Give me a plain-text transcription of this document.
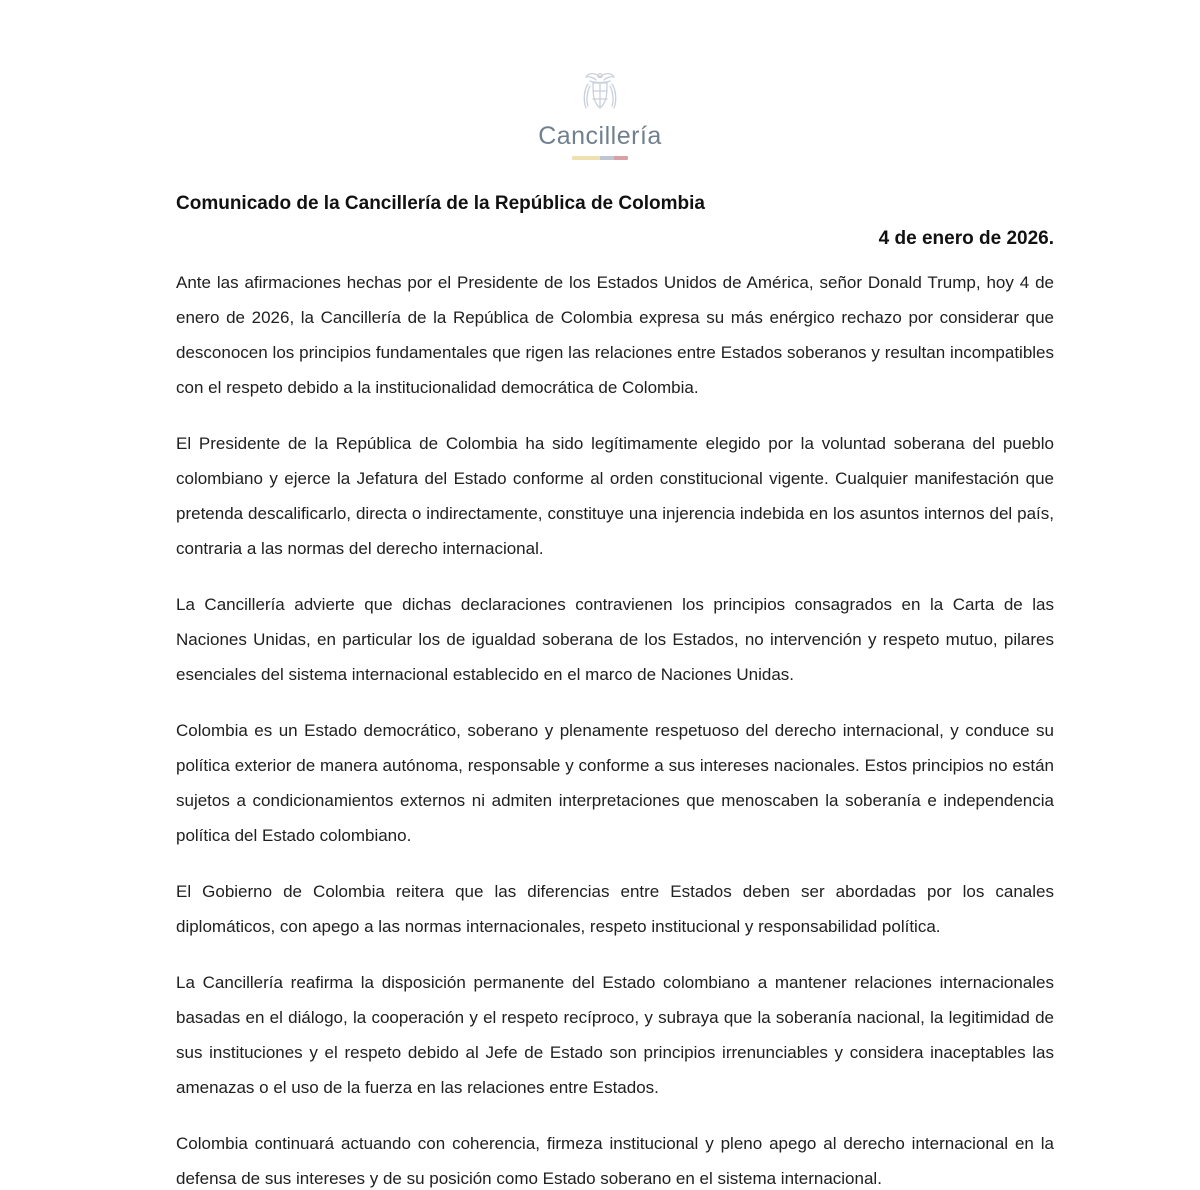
Cancillería
Comunicado de la Cancillería de la República de Colombia

4 de enero de 2026.

Ante las afirmaciones hechas por el Presidente de los Estados Unidos de América, señor Donald Trump, hoy 4 de enero de 2026, la Cancillería de la República de Colombia expresa su más enérgico rechazo por considerar que desconocen los principios fundamentales que rigen las relaciones entre Estados soberanos y resultan incompatibles con el respeto debido a la institucionalidad democrática de Colombia.

El Presidente de la República de Colombia ha sido legítimamente elegido por la voluntad soberana del pueblo colombiano y ejerce la Jefatura del Estado conforme al orden constitucional vigente. Cualquier manifestación que pretenda descalificarlo, directa o indirectamente, constituye una injerencia indebida en los asuntos internos del país, contraria a las normas del derecho internacional.

La Cancillería advierte que dichas declaraciones contravienen los principios consagrados en la Carta de las Naciones Unidas, en particular los de igualdad soberana de los Estados, no intervención y respeto mutuo, pilares esenciales del sistema internacional establecido en el marco de Naciones Unidas.

Colombia es un Estado democrático, soberano y plenamente respetuoso del derecho internacional, y conduce su política exterior de manera autónoma, responsable y conforme a sus intereses nacionales. Estos principios no están sujetos a condicionamientos externos ni admiten interpretaciones que menoscaben la soberanía e independencia política del Estado colombiano.

El Gobierno de Colombia reitera que las diferencias entre Estados deben ser abordadas por los canales diplomáticos, con apego a las normas internacionales, respeto institucional y responsabilidad política.

La Cancillería reafirma la disposición permanente del Estado colombiano a mantener relaciones internacionales basadas en el diálogo, la cooperación y el respeto recíproco, y subraya que la soberanía nacional, la legitimidad de sus instituciones y el respeto debido al Jefe de Estado son principios irrenunciables y considera inaceptables las amenazas o el uso de la fuerza en las relaciones entre Estados.

Colombia continuará actuando con coherencia, firmeza institucional y pleno apego al derecho internacional en la defensa de sus intereses y de su posición como Estado soberano en el sistema internacional.
